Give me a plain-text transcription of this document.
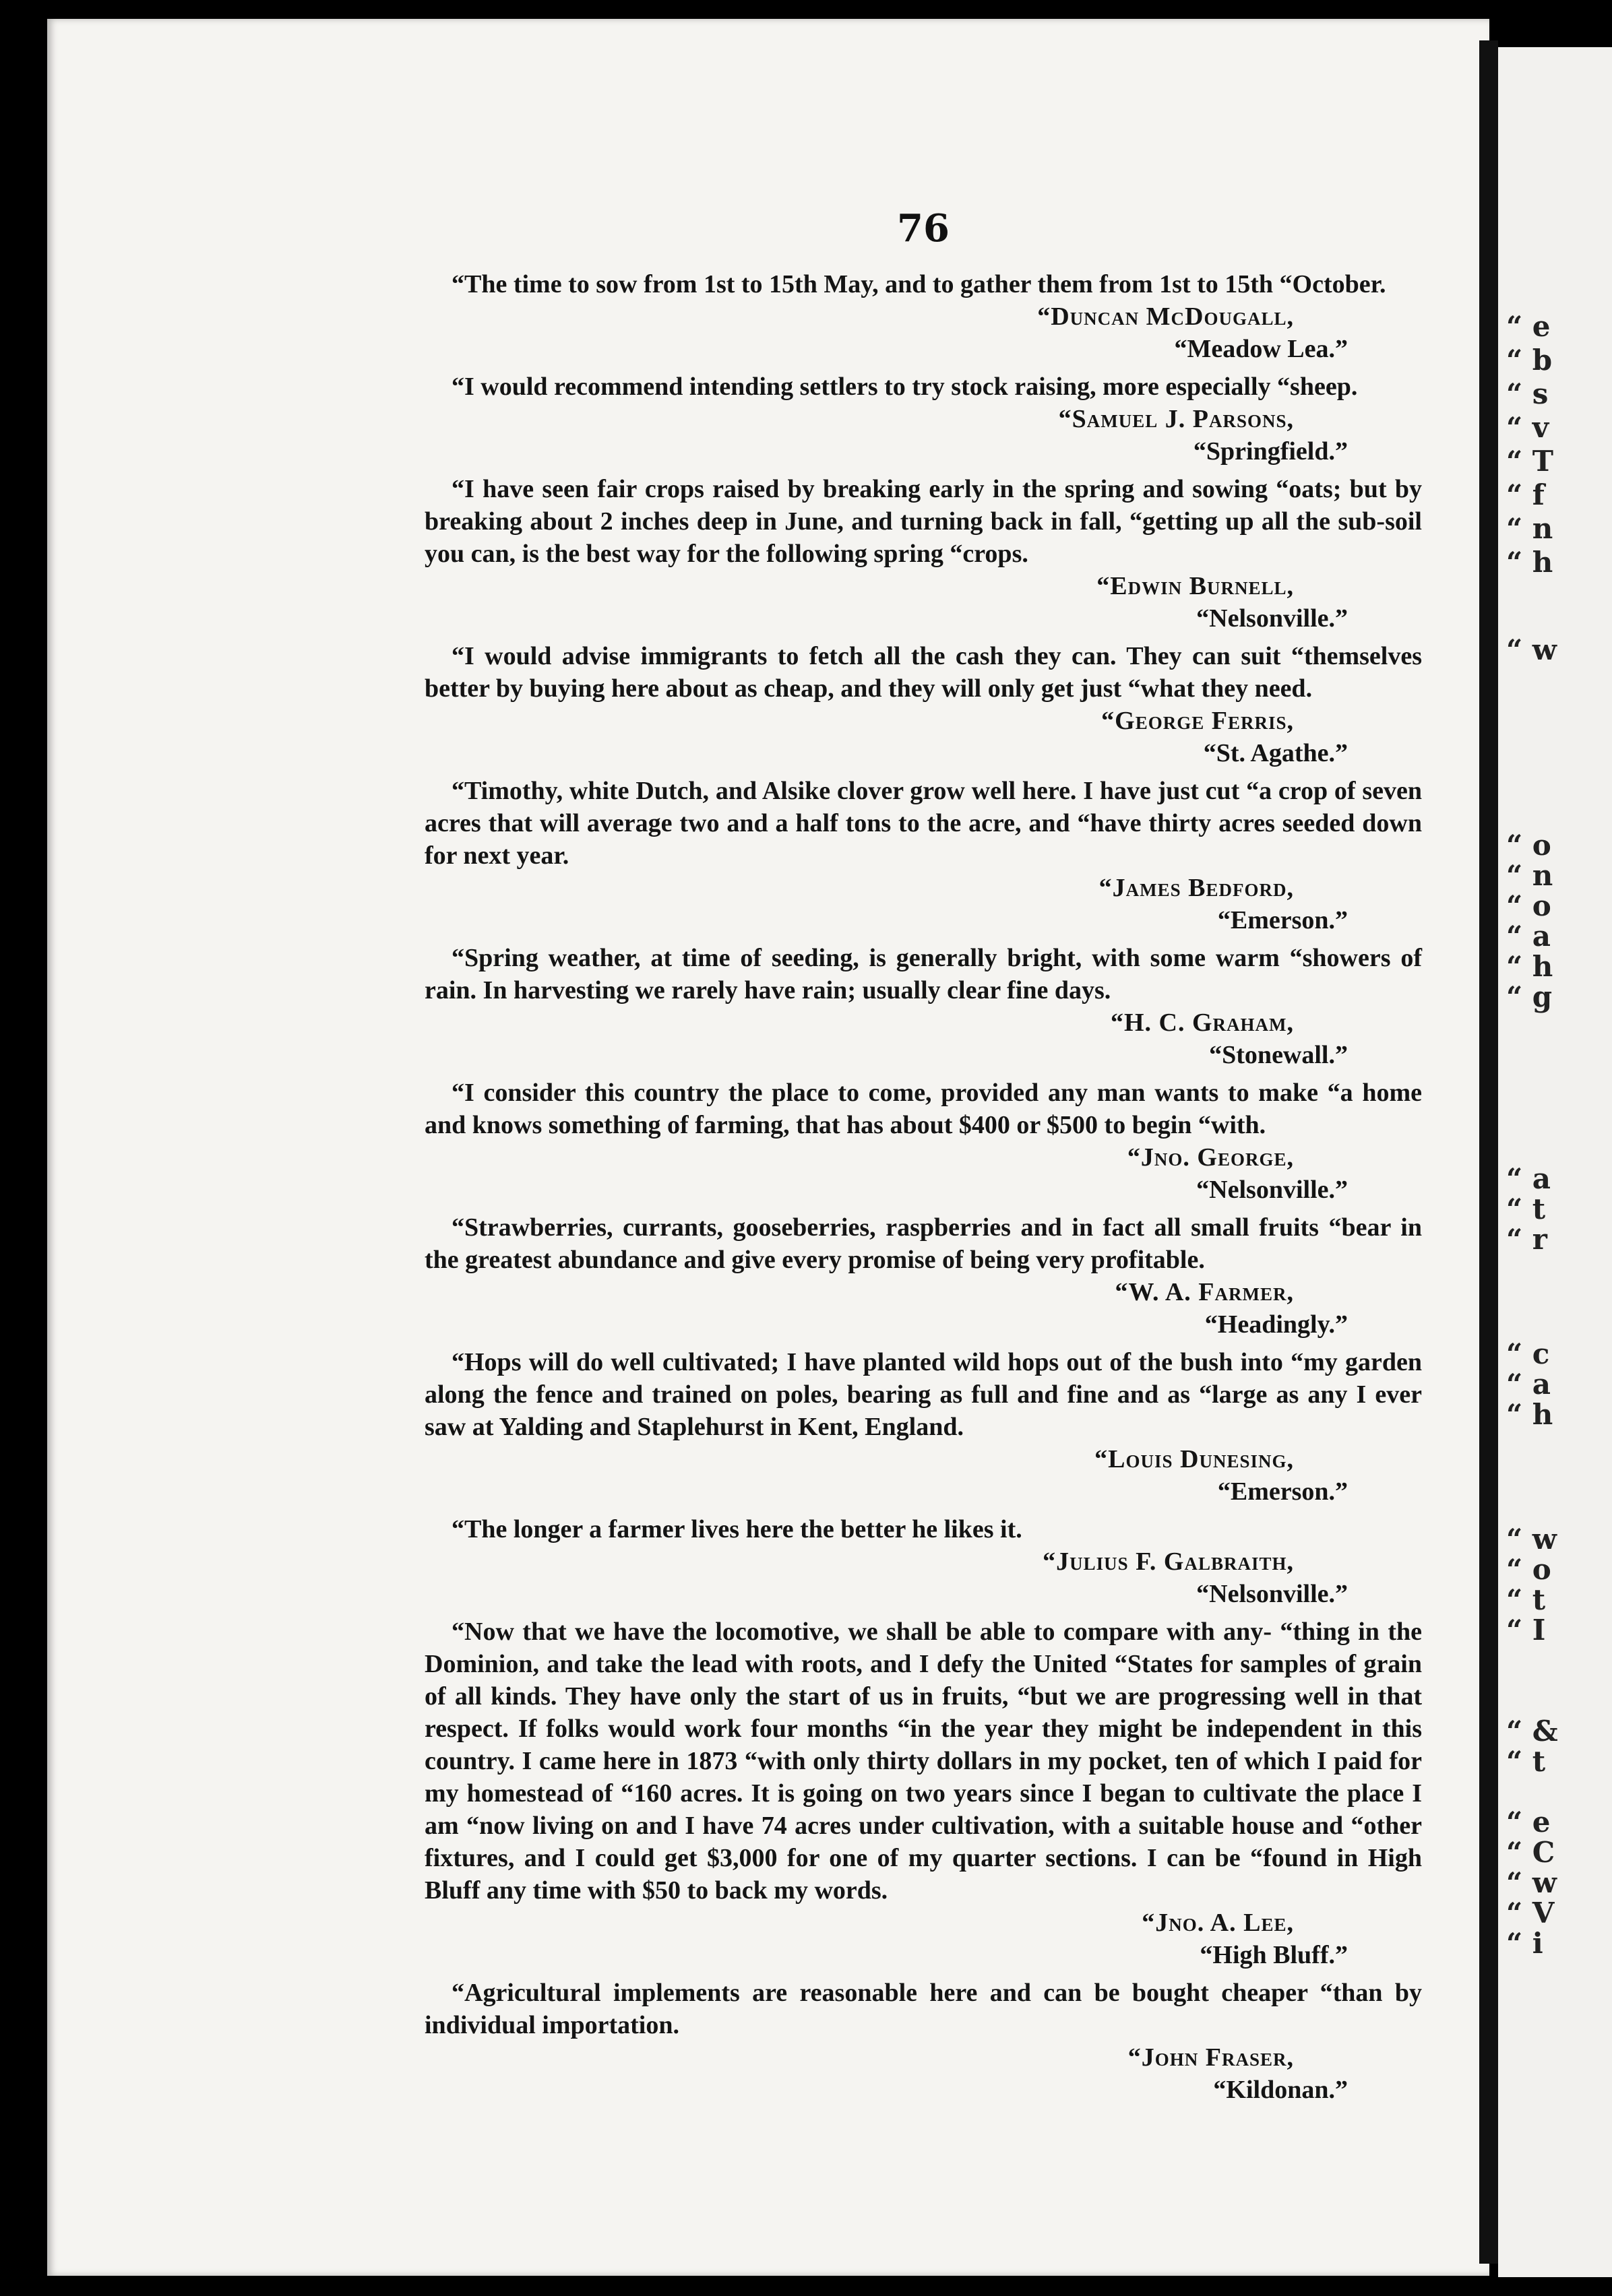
76

“The time to sow from 1st to 15th May, and to gather them from 1st to 15th “October.

“Duncan McDougall,
“Meadow Lea.”

“I would recommend intending settlers to try stock raising, more especially “sheep.

“Samuel J. Parsons,
“Springfield.”

“I have seen fair crops raised by breaking early in the spring and sowing “oats; but by breaking about 2 inches deep in June, and turning back in fall, “getting up all the sub-soil you can, is the best way for the following spring “crops.

“Edwin Burnell,
“Nelsonville.”

“I would advise immigrants to fetch all the cash they can. They can suit “themselves better by buying here about as cheap, and they will only get just “what they need.

“George Ferris,
“St. Agathe.”

“Timothy, white Dutch, and Alsike clover grow well here. I have just cut “a crop of seven acres that will average two and a half tons to the acre, and “have thirty acres seeded down for next year.

“James Bedford,
“Emerson.”

“Spring weather, at time of seeding, is generally bright, with some warm “showers of rain. In harvesting we rarely have rain; usually clear fine days.

“H. C. Graham,
“Stonewall.”

“I consider this country the place to come, provided any man wants to make “a home and knows something of farming, that has about $400 or $500 to begin “with.

“Jno. George,
“Nelsonville.”

“Strawberries, currants, gooseberries, raspberries and in fact all small fruits “bear in the greatest abundance and give every promise of being very profitable.

“W. A. Farmer,
“Headingly.”

“Hops will do well cultivated; I have planted wild hops out of the bush into “my garden along the fence and trained on poles, bearing as full and fine and as “large as any I ever saw at Yalding and Staplehurst in Kent, England.

“Louis Dunesing,
“Emerson.”

“The longer a farmer lives here the better he likes it.

“Julius F. Galbraith,
“Nelsonville.”

“Now that we have the locomotive, we shall be able to compare with any- “thing in the Dominion, and take the lead with roots, and I defy the United “States for samples of grain of all kinds. They have only the start of us in fruits, “but we are progressing well in that respect. If folks would work four months “in the year they might be independent in this country. I came here in 1873 “with only thirty dollars in my pocket, ten of which I paid for my homestead of “160 acres. It is going on two years since I began to cultivate the place I am “now living on and I have 74 acres under cultivation, with a suitable house and “other fixtures, and I could get $3,000 for one of my quarter sections. I can be “found in High Bluff any time with $50 to back my words.

“Jno. A. Lee,
“High Bluff.”

“Agricultural implements are reasonable here and can be bought cheaper “than by individual importation.

“John Fraser,
“Kildonan.”

“ e
“ b
“ s
“ v
“ T
“ f
“ n
“ h
“ w
“ o
“ n
“ o
“ a
“ h
“ g
“ a
“ t
“ r
“ c
“ a
“ h
“ w
“ o
“ t
“ I
“ &
“ t
“ e
“ C
“ w
“ V
“ i
